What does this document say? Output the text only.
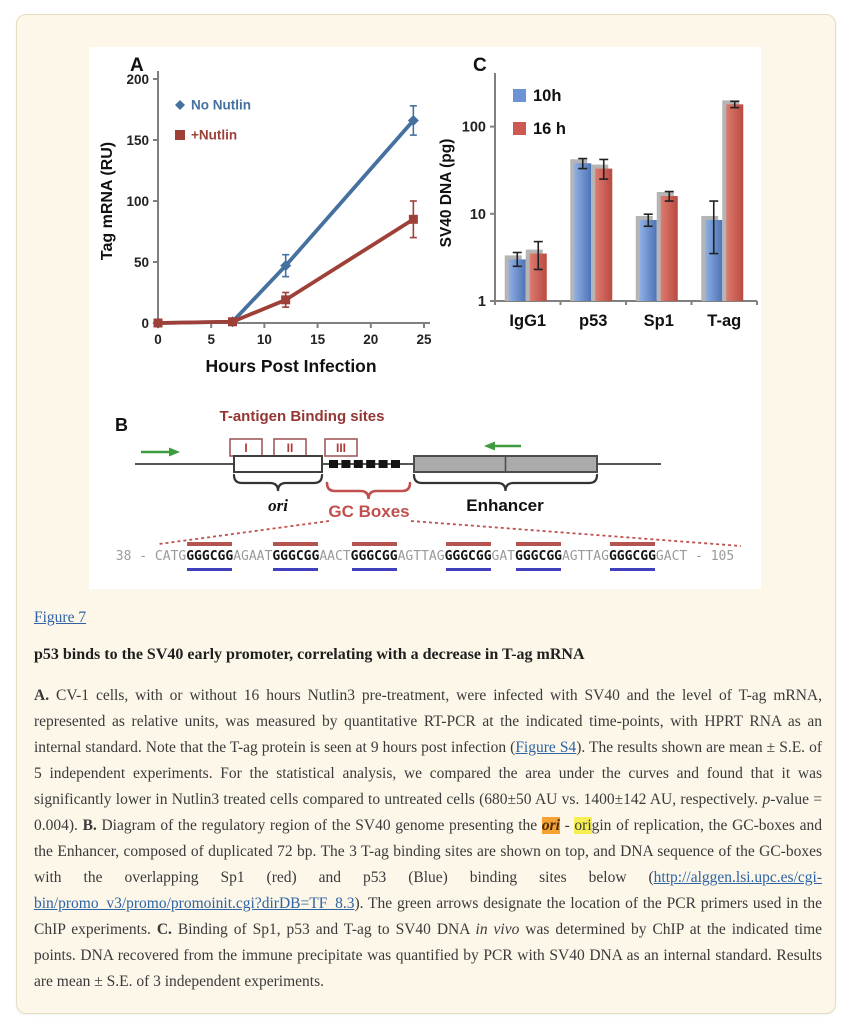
A
0
50
100
150
200
0	5	10	15	20	25
Tag mRNA (RU)
Hours Post Infection
No Nutlin
+Nutlin
C
1
10
100
SV40 DNA (pg)
IgG1 p53 Sp1 T-ag
10h
16 h
B	T-antigen Binding sites
I	II	III
ori GC Boxes	Enhancer
38 - CATGGGGCGGAGAATGGGCGGAACTGGGCGGAGTTAGGGGCGGGATGGGCGGAGTTAGGGGCGGGACT - 105
Figure 7
p53 binds to the SV40 early promoter, correlating with a decrease in T-ag mRNA
A. CV-1 cells, with or without 16 hours Nutlin3 pre-treatment, were infected with SV40 and the level of T-ag mRNA, represented as relative units, was measured by quantitative RT-PCR at the indicated time-points, with HPRT RNA as an internal standard. Note that the T-ag protein is seen at 9 hours post infection (Figure S4). The results shown are mean ± S.E. of 5 independent experiments. For the statistical analysis, we compared the area under the curves and found that it was significantly lower in Nutlin3 treated cells compared to untreated cells (680±50 AU vs. 1400±142 AU, respectively. p-value = 0.004). B. Diagram of the regulatory region of the SV40 genome presenting the ori - origin of replication, the GC-boxes and the Enhancer, composed of duplicated 72 bp. The 3 T-ag binding sites are shown on top, and DNA sequence of the GC-boxes with the overlapping Sp1 (red) and p53 (Blue) binding sites below (http://alggen.lsi.upc.es/cgi-bin/promo_v3/promo/promoinit.cgi?dirDB=TF_8.3). The green arrows designate the location of the PCR primers used in the ChIP experiments. C. Binding of Sp1, p53 and T-ag to SV40 DNA in vivo was determined by ChIP at the indicated time points. DNA recovered from the immune precipitate was quantified by PCR with SV40 DNA as an internal standard. Results are mean ± S.E. of 3 independent experiments.
